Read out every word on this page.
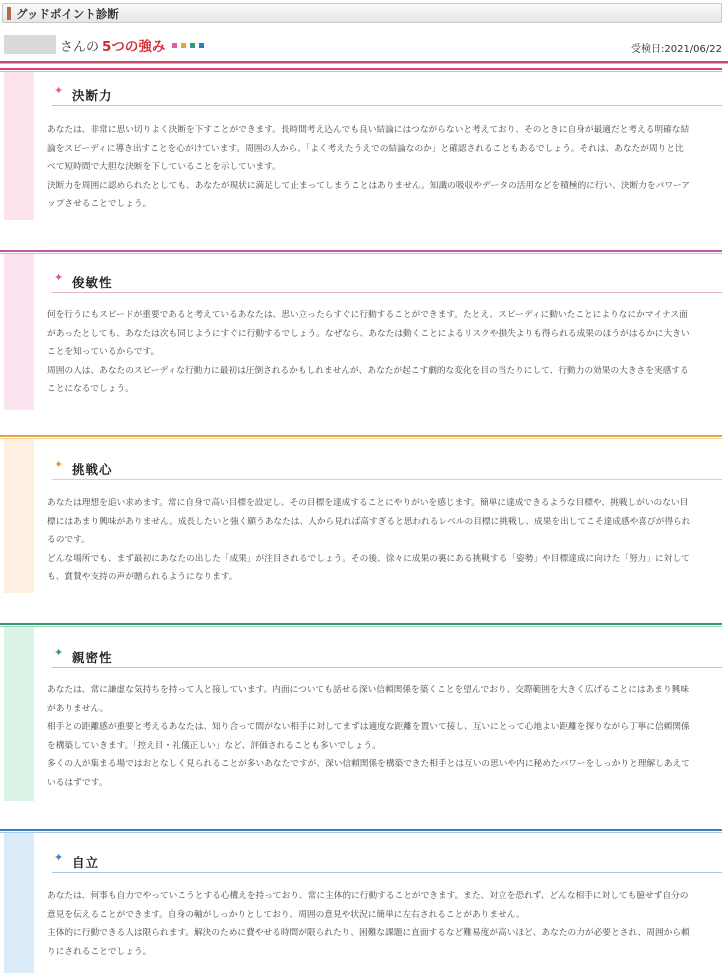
グッドポイント診断
さんの 5つの強み	受検日:2021/06/22
✦ 決断力

あなたは、非常に思い切りよく決断を下すことができます。長時間考え込んでも良い結論にはつながらないと考えており、そのときに自身が最適だと考える明確な結論をスピーディに導き出すことを心がけています。周囲の人から、「よく考えたうえでの結論なのか」と確認されることもあるでしょう。それは、あなたが周りと比べて短時間で大胆な決断を下していることを示しています。

決断力を周囲に認められたとしても、あなたが現状に満足して止まってしまうことはありません。知識の吸収やデータの活用などを積極的に行い、決断力をパワーアップさせることでしょう。

✦ 俊敏性

何を行うにもスピードが重要であると考えているあなたは、思い立ったらすぐに行動することができます。たとえ、スピーディに動いたことによりなにかマイナス面があったとしても、あなたは次も同じようにすぐに行動するでしょう。なぜなら、あなたは動くことによるリスクや損失よりも得られる成果のほうがはるかに大きいことを知っているからです。

周囲の人は、あなたのスピーディな行動力に最初は圧倒されるかもしれませんが、あなたが起こす劇的な変化を目の当たりにして、行動力の効果の大きさを実感することになるでしょう。

✦ 挑戦心

あなたは理想を追い求めます。常に自身で高い目標を設定し、その目標を達成することにやりがいを感じます。簡単に達成できるような目標や、挑戦しがいのない目標にはあまり興味がありません。成長したいと強く願うあなたは、人から見れば高すぎると思われるレベルの目標に挑戦し、成果を出してこそ達成感や喜びが得られるのです。

どんな場所でも、まず最初にあなたの出した「成果」が注目されるでしょう。その後、徐々に成果の裏にある挑戦する「姿勢」や目標達成に向けた「努力」に対しても、賞賛や支持の声が贈られるようになります。

✦ 親密性

あなたは、常に謙虚な気持ちを持って人と接しています。内面についても話せる深い信頼関係を築くことを望んでおり、交際範囲を大きく広げることにはあまり興味がありません。

相手との距離感が重要と考えるあなたは、知り合って間がない相手に対してまずは適度な距離を置いて接し、互いにとって心地よい距離を探りながら丁寧に信頼関係を構築していきます。「控え目・礼儀正しい」など、評価されることも多いでしょう。

多くの人が集まる場ではおとなしく見られることが多いあなたですが、深い信頼関係を構築できた相手とは互いの思いや内に秘めたパワーをしっかりと理解しあえているはずです。

✦ 自立

あなたは、何事も自力でやっていこうとする心構えを持っており、常に主体的に行動することができます。また、対立を恐れず、どんな相手に対しても臆せず自分の意見を伝えることができます。自身の軸がしっかりとしており、周囲の意見や状況に簡単に左右されることがありません。

主体的に行動できる人は限られます。解決のために費やせる時間が限られたり、困難な課題に直面するなど難易度が高いほど、あなたの力が必要とされ、周囲から頼りにされることでしょう。
